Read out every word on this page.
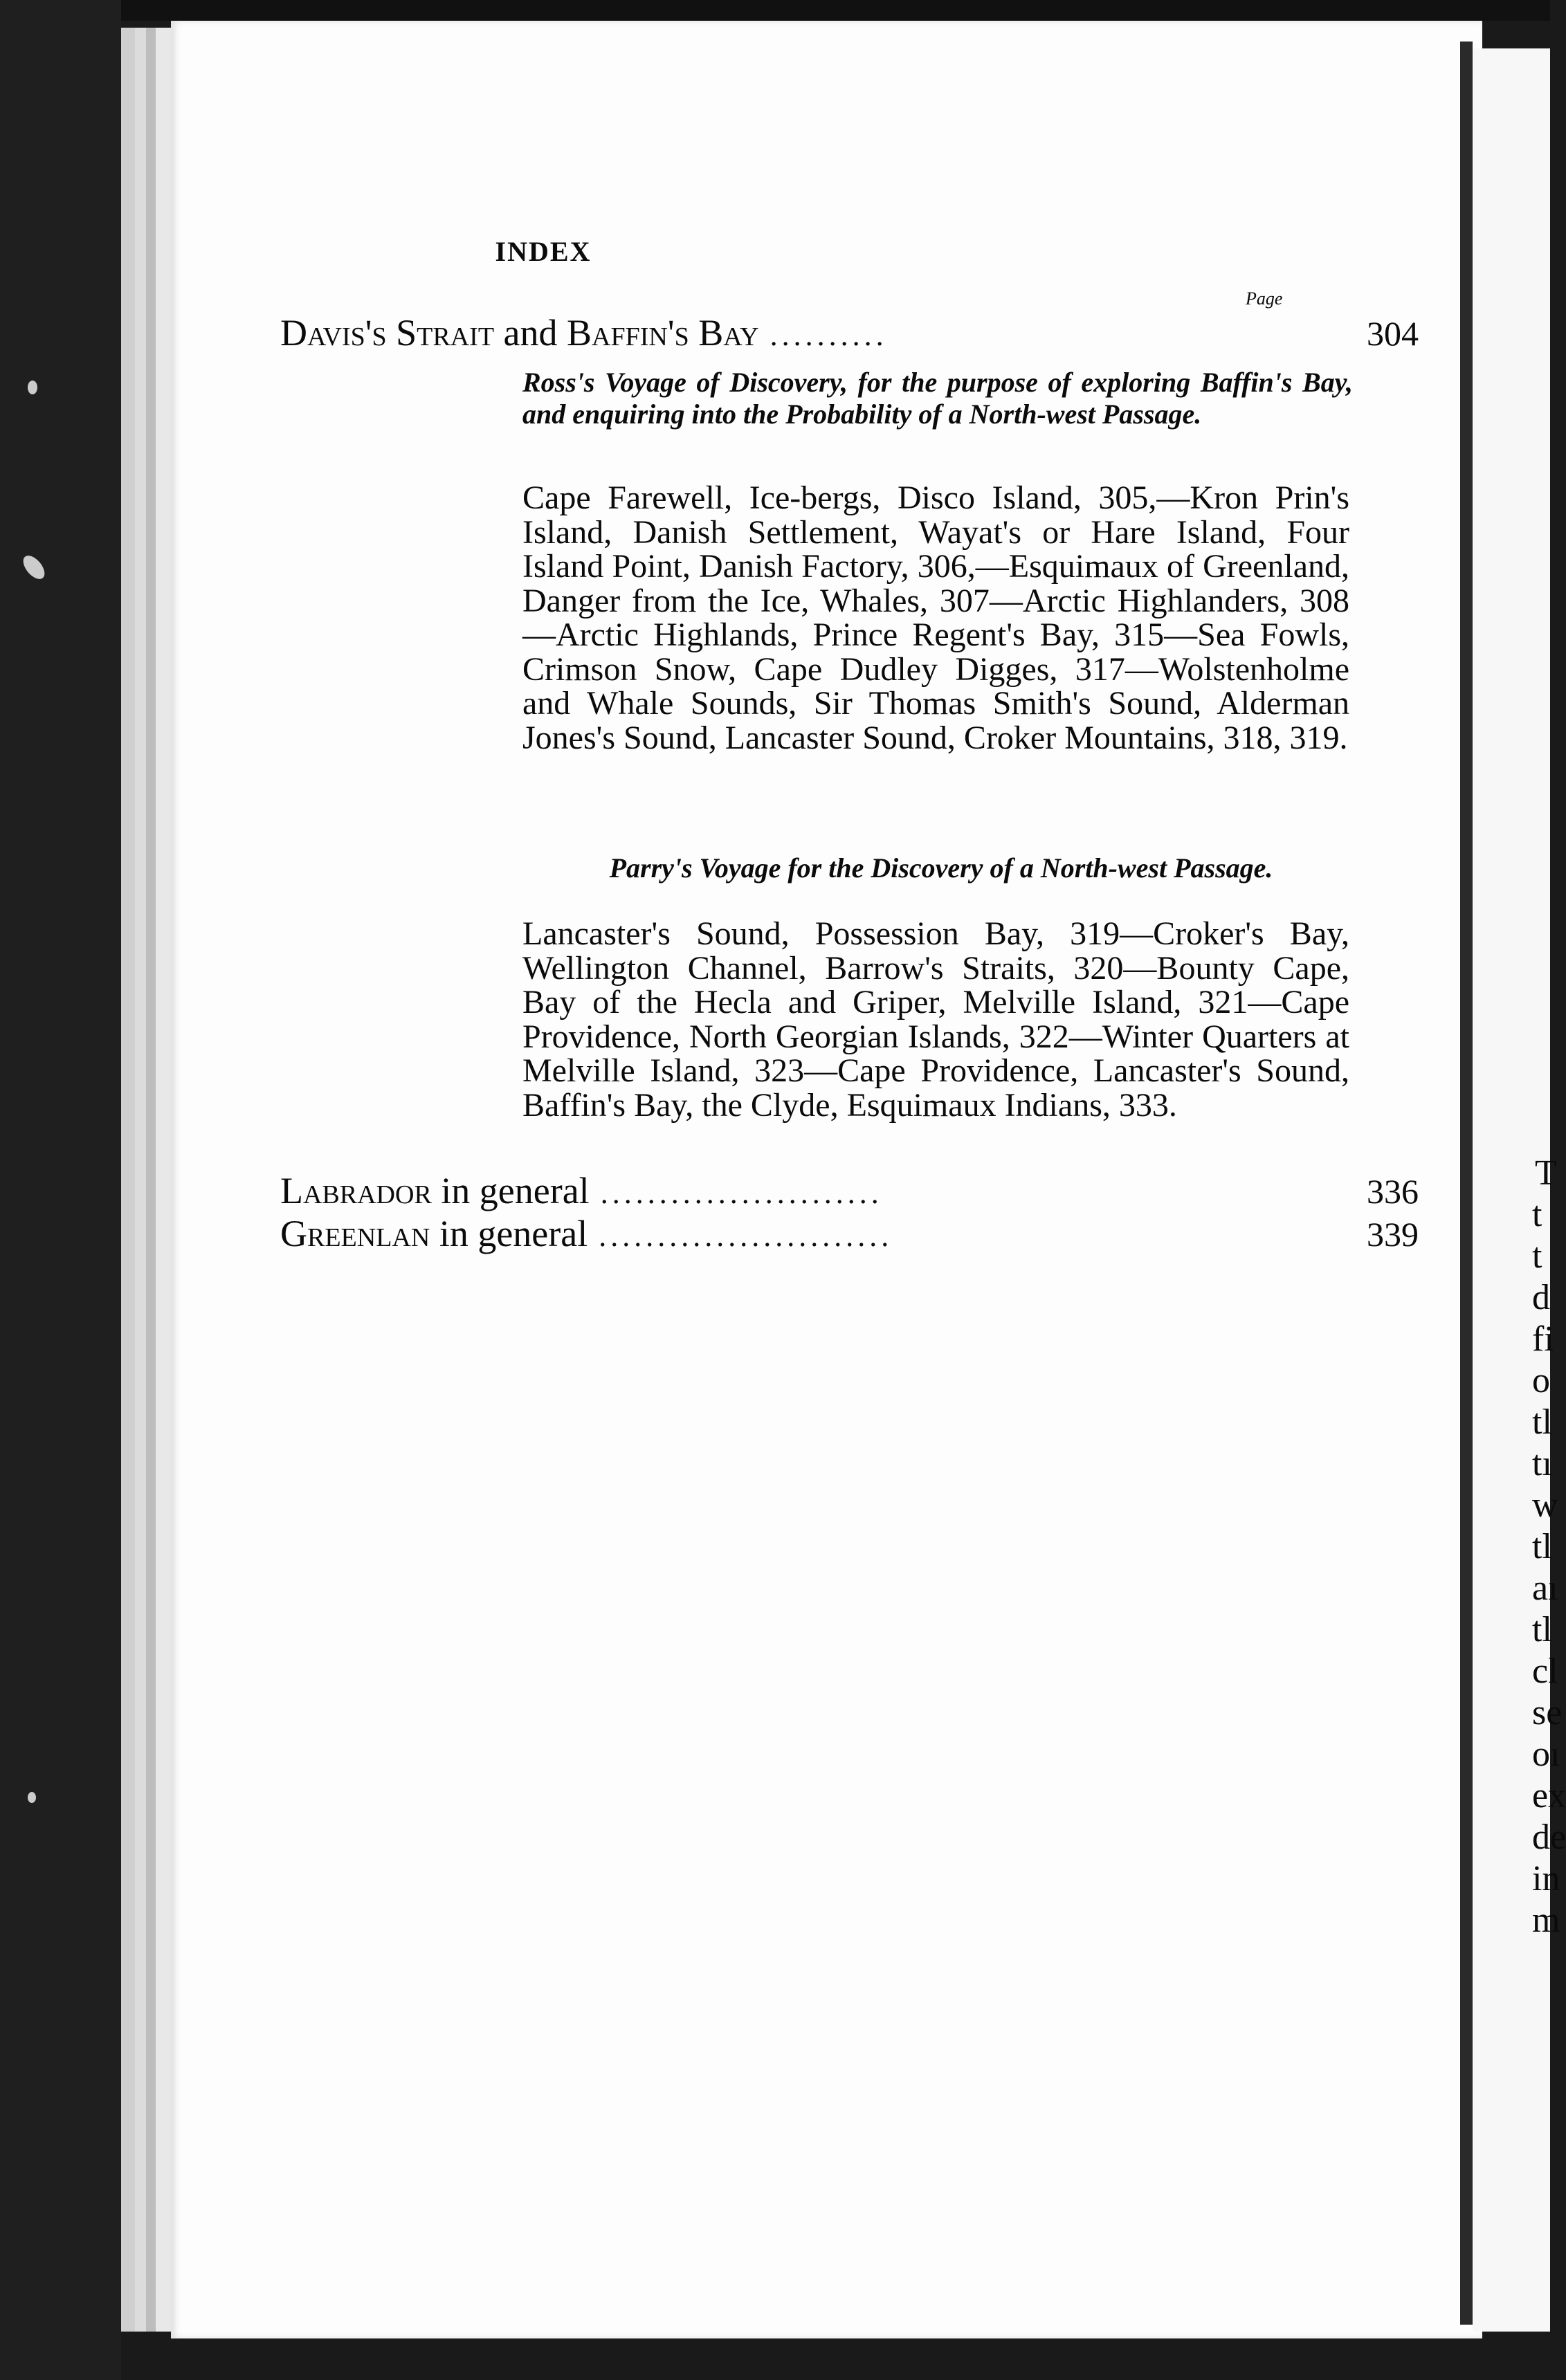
T
t
t
d
fi
o
tl
tı
w
tl
aı
tl
cl
se
oı
ex
de
in
m
INDEX
Page
Davis's Strait and Baffin's Bay ..........	304
Ross's Voyage of Discovery, for the purpose of exploring Baffin's Bay, and enquiring into the Probability of a North-west Passage.
Cape Farewell, Ice-bergs, Disco Island, 305,—Kron Prin's Island, Danish Settlement, Wayat's or Hare Island, Four Island Point, Danish Factory, 306,—Esquimaux of Greenland, Danger from the Ice, Whales, 307—Arctic Highlanders, 308—Arctic Highlands, Prince Regent's Bay, 315—Sea Fowls, Crimson Snow, Cape Dudley Digges, 317—Wolstenholme and Whale Sounds, Sir Thomas Smith's Sound, Alderman Jones's Sound, Lancaster Sound, Croker Mountains, 318, 319.
Parry's Voyage for the Discovery of a North-west Passage.
Lancaster's Sound, Possession Bay, 319—Croker's Bay, Wellington Channel, Barrow's Straits, 320—Bounty Cape, Bay of the Hecla and Griper, Melville Island, 321—Cape Providence, North Georgian Islands, 322—Winter Quarters at Melville Island, 323—Cape Providence, Lancaster's Sound, Baffin's Bay, the Clyde, Esquimaux Indians, 333.
Labrador in general ........................	336
Greenlan in general .........................	339
